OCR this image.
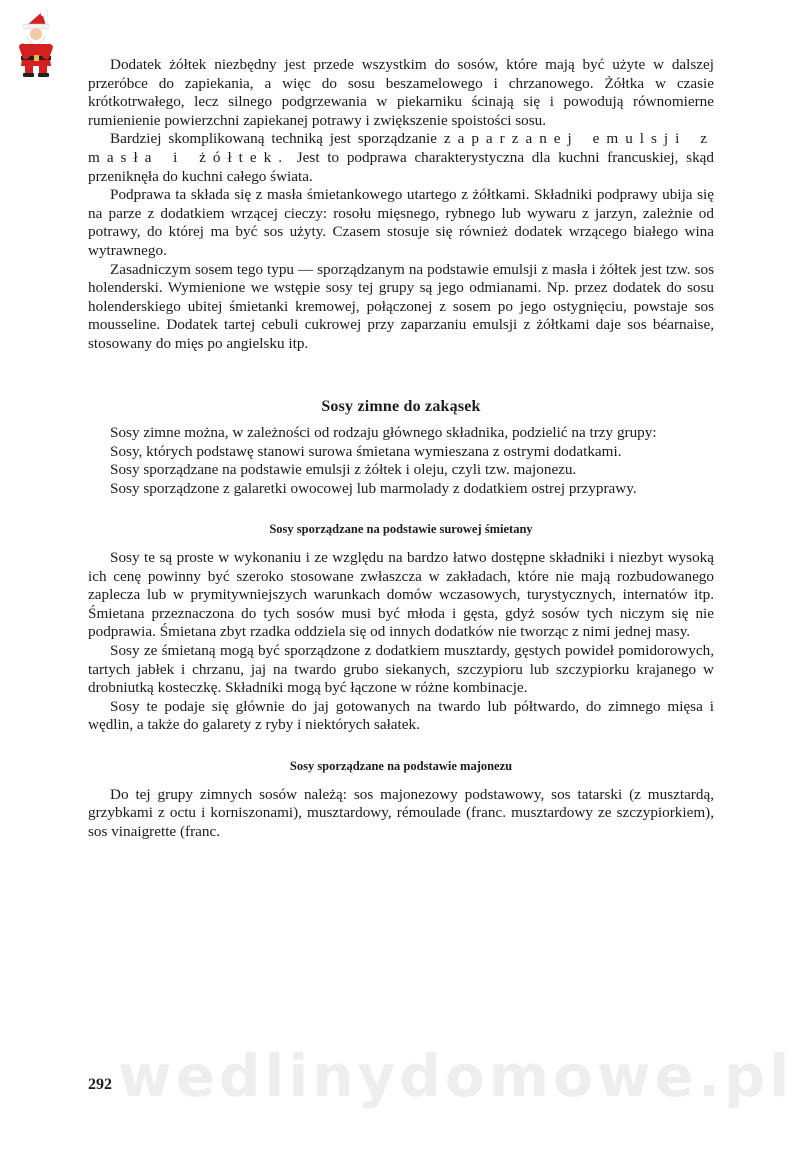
Dodatek żółtek niezbędny jest przede wszystkim do sosów, które mają być użyte w dalszej przeróbce do zapiekania, a więc do sosu beszamelowego i chrzanowego. Żółtka w czasie krótkotrwałego, lecz silnego podgrzewania w piekarniku ścinają się i powodują równomierne rumienienie powierzchni zapiekanej potrawy i zwiększenie spoistości sosu.

Bardziej skomplikowaną techniką jest sporządzanie zaparzanej emulsji z masła i żółtek. Jest to podprawa charakterystyczna dla kuchni francuskiej, skąd przeniknęła do kuchni całego świata.

Podprawa ta składa się z masła śmietankowego utartego z żółtkami. Składniki podprawy ubija się na parze z dodatkiem wrzącej cieczy: rosołu mięsnego, rybnego lub wywaru z jarzyn, zależnie od potrawy, do której ma być sos użyty. Czasem stosuje się również dodatek wrzącego białego wina wytrawnego.

Zasadniczym sosem tego typu — sporządzanym na podstawie emulsji z masła i żółtek jest tzw. sos holenderski. Wymienione we wstępie sosy tej grupy są jego odmianami. Np. przez dodatek do sosu holenderskiego ubitej śmietanki kremowej, połączonej z sosem po jego ostygnięciu, powstaje sos mousseline. Dodatek tartej cebuli cukrowej przy zaparzaniu emulsji z żółtkami daje sos béarnaise, stosowany do mięs po angielsku itp.

Sosy zimne do zakąsek

Sosy zimne można, w zależności od rodzaju głównego składnika, podzielić na trzy grupy:

Sosy, których podstawę stanowi surowa śmietana wymieszana z ostrymi dodatkami.

Sosy sporządzane na podstawie emulsji z żółtek i oleju, czyli tzw. majonezu.

Sosy sporządzone z galaretki owocowej lub marmolady z dodatkiem ostrej przyprawy.

Sosy sporządzane na podstawie surowej śmietany

Sosy te są proste w wykonaniu i ze względu na bardzo łatwo dostępne składniki i niezbyt wysoką ich cenę powinny być szeroko stosowane zwłaszcza w zakładach, które nie mają rozbudowanego zaplecza lub w prymitywniejszych warunkach domów wczasowych, turystycznych, internatów itp. Śmietana przeznaczona do tych sosów musi być młoda i gęsta, gdyż sosów tych niczym się nie podprawia. Śmietana zbyt rzadka oddziela się od innych dodatków nie tworząc z nimi jednej masy.

Sosy ze śmietaną mogą być sporządzone z dodatkiem musztardy, gęstych powideł pomidorowych, tartych jabłek i chrzanu, jaj na twardo grubo siekanych, szczypioru lub szczypiorku krajanego w drobniutką kosteczkę. Składniki mogą być łączone w różne kombinacje.

Sosy te podaje się głównie do jaj gotowanych na twardo lub półtwardo, do zimnego mięsa i wędlin, a także do galarety z ryby i niektórych sałatek.

Sosy sporządzane na podstawie majonezu

Do tej grupy zimnych sosów należą: sos majonezowy podstawowy, sos tatarski (z musztardą, grzybkami z octu i korniszonami), musztardowy, rémoulade (franc. musztardowy ze szczypiorkiem), sos vinaigrette (franc.

wedlinydomowe.pl
292
